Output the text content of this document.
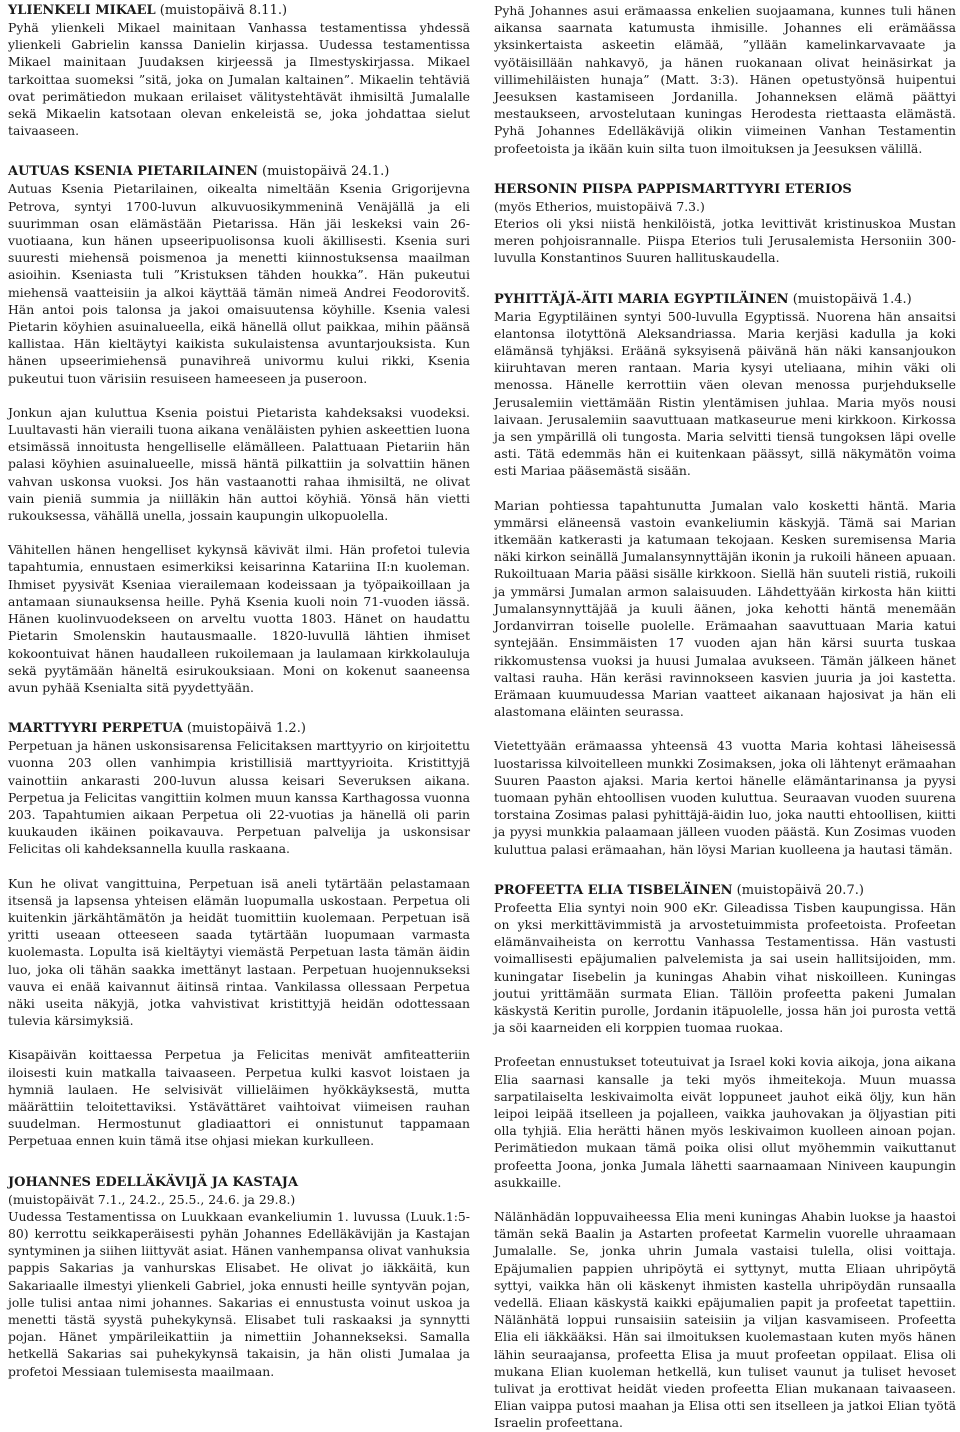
YLIENKELI MIKAEL (muistopäivä 8.11.)

Pyhä ylienkeli Mikael mainitaan Vanhassa testamentissa yhdessä ylienkeli Gabrielin kanssa Danielin kirjassa. Uudessa testamentissa Mikael mainitaan Juudaksen kirjeessä ja Ilmestyskirjassa. Mikael tarkoittaa suomeksi ”sitä, joka on Jumalan kaltainen”. Mikaelin tehtäviä ovat perimätiedon mukaan erilaiset välitystehtävät ihmisiltä Jumalalle sekä Mikaelin katsotaan olevan enkeleistä se, joka johdattaa sielut taivaaseen.

AUTUAS KSENIA PIETARILAINEN (muistopäivä 24.1.)

Autuas Ksenia Pietarilainen, oikealta nimeltään Ksenia Grigorijevna Petrova, syntyi 1700-luvun alkuvuosikymmeninä Venäjällä ja eli suurimman osan elämästään Pietarissa. Hän jäi leskeksi vain 26-vuotiaana, kun hänen upseeripuolisonsa kuoli äkillisesti. Ksenia suri suuresti miehensä poismenoa ja menetti kiinnostuksensa maailman asioihin. Kseniasta tuli ”Kristuksen tähden houkka”. Hän pukeutui miehensä vaatteisiin ja alkoi käyttää tämän nimeä Andrei Feodorovitš. Hän antoi pois talonsa ja jakoi omaisuutensa köyhille. Ksenia valesi Pietarin köyhien asuinalueella, eikä hänellä ollut paikkaa, mihin päänsä kallistaa. Hän kieltäytyi kaikista sukulaistensa avuntarjouksista. Kun hänen upseerimiehensä punavihreä univormu kului rikki, Ksenia pukeutui tuon värisiin resuiseen hameeseen ja puseroon.

Jonkun ajan kuluttua Ksenia poistui Pietarista kahdeksaksi vuodeksi. Luultavasti hän vieraili tuona aikana venäläisten pyhien askeettien luona etsimässä innoitusta hengelliselle elämälleen. Palattuaan Pietariin hän palasi köyhien asuinalueelle, missä häntä pilkattiin ja solvattiin hänen vahvan uskonsa vuoksi. Jos hän vastaanotti rahaa ihmisiltä, ne olivat vain pieniä summia ja niilläkin hän auttoi köyhiä. Yönsä hän vietti rukouksessa, vähällä unella, jossain kaupungin ulkopuolella.

Vähitellen hänen hengelliset kykynsä kävivät ilmi. Hän profetoi tulevia tapahtumia, ennustaen esimerkiksi keisarinna Katariina II:n kuoleman. Ihmiset pyysivät Kseniaa vierailemaan kodeissaan ja työpaikoillaan ja antamaan siunauksensa heille. Pyhä Ksenia kuoli noin 71-vuoden iässä. Hänen kuolinvuodekseen on arveltu vuotta 1803. Hänet on haudattu Pietarin Smolenskin hautausmaalle. 1820-luvullä lähtien ihmiset kokoontuivat hänen haudalleen rukoilemaan ja laulamaan kirkkolauluja sekä pyytämään häneltä esirukouksiaan. Moni on kokenut saaneensa avun pyhää Ksenialta sitä pyydettyään.

MARTTYYRI PERPETUA (muistopäivä 1.2.)

Perpetuan ja hänen uskonsisarensa Felicitaksen marttyyrio on kirjoitettu vuonna 203 ollen vanhimpia kristillisiä marttyyrioita. Kristittyjä vainottiin ankarasti 200-luvun alussa keisari Severuksen aikana. Perpetua ja Felicitas vangittiin kolmen muun kanssa Karthagossa vuonna 203. Tapahtumien aikaan Perpetua oli 22-vuotias ja hänellä oli parin kuukauden ikäinen poikavauva. Perpetuan palvelija ja uskonsisar Felicitas oli kahdeksannella kuulla raskaana.

Kun he olivat vangittuina, Perpetuan isä aneli tytärtään pelastamaan itsensä ja lapsensa yhteisen elämän luopumalla uskostaan. Perpetua oli kuitenkin järkähtämätön ja heidät tuomittiin kuolemaan. Perpetuan isä yritti useaan otteeseen saada tytärtään luopumaan varmasta kuolemasta. Lopulta isä kieltäytyi viemästä Perpetuan lasta tämän äidin luo, joka oli tähän saakka imettänyt lastaan. Perpetuan huojennukseksi vauva ei enää kaivannut äitinsä rintaa. Vankilassa ollessaan Perpetua näki useita näkyjä, jotka vahvistivat kristittyjä heidän odottessaan tulevia kärsimyksiä.

Kisapäivän koittaessa Perpetua ja Felicitas menivät amfiteatteriin iloisesti kuin matkalla taivaaseen. Perpetua kulki kasvot loistaen ja hymniä laulaen. He selvisivät villieläimen hyökkäyksestä, mutta määrättiin teloitettaviksi. Ystävättäret vaihtoivat viimeisen rauhan suudelman. Hermostunut gladiaattori ei onnistunut tappamaan Perpetuaa ennen kuin tämä itse ohjasi miekan kurkulleen.

JOHANNES EDELLÄKÄVIJÄ JA KASTAJA

(muistopäivät 7.1., 24.2., 25.5., 24.6. ja 29.8.)

Uudessa Testamentissa on Luukkaan evankeliumin 1. luvussa (Luuk.1:5-80) kerrottu seikkaperäisesti pyhän Johannes Edelläkävijän ja Kastajan syntyminen ja siihen liittyvät asiat. Hänen vanhempansa olivat vanhuksia pappis Sakarias ja vanhurskas Elisabet. He olivat jo iäkkäitä, kun Sakariaalle ilmestyi ylienkeli Gabriel, joka ennusti heille syntyvän pojan, jolle tulisi antaa nimi johannes. Sakarias ei ennustusta voinut uskoa ja menetti tästä syystä puhekykynsä. Elisabet tuli raskaaksi ja synnytti pojan. Hänet ympärileikattiin ja nimettiin Johannekseksi. Samalla hetkellä Sakarias sai puhekykynsä takaisin, ja hän olisti Jumalaa ja profetoi Messiaan tulemisesta maailmaan.

Pyhä Johannes asui erämaassa enkelien suojaamana, kunnes tuli hänen aikansa saarnata katumusta ihmisille. Johannes eli erämäässa yksinkertaista askeetin elämää, ”yllään kamelinkarvavaate ja vyötäisillään nahkavyö, ja hänen ruokanaan olivat heinäsirkat ja villimehiläisten hunaja” (Matt. 3:3). Hänen opetustyönsä huipentui Jeesuksen kastamiseen Jordanilla. Johanneksen elämä päättyi mestaukseen, arvostelutaan kuningas Herodesta riettaasta elämästä. Pyhä Johannes Edelläkävijä olikin viimeinen Vanhan Testamentin profeetoista ja ikään kuin silta tuon ilmoituksen ja Jeesuksen välillä.

HERSONIN PIISPA PAPPISMARTTYYRI ETERIOS

(myös Etherios, muistopäivä 7.3.)

Eterios oli yksi niistä henkilöistä, jotka levittivät kristinuskoa Mustan meren pohjoisrannalle. Piispa Eterios tuli Jerusalemista Hersoniin 300-luvulla Konstantinos Suuren hallituskaudella.

PYHITTÄJÄ-ÄITI MARIA EGYPTILÄINEN (muistopäivä 1.4.)

Maria Egyptiläinen syntyi 500-luvulla Egyptissä. Nuorena hän ansaitsi elantonsa ilotyttönä Aleksandriassa. Maria kerjäsi kadulla ja koki elämänsä tyhjäksi. Eräänä syksyisenä päivänä hän näki kansanjoukon kiiruhtavan meren rantaan. Maria kysyi uteliaana, mihin väki oli menossa. Hänelle kerrottiin väen olevan menossa purjehdukselle Jerusalemiin viettämään Ristin ylentämisen juhlaa. Maria myös nousi laivaan. Jerusalemiin saavuttuaan matkaseurue meni kirkkoon. Kirkossa ja sen ympärillä oli tungosta. Maria selvitti tiensä tungoksen läpi ovelle asti. Tätä edemmäs hän ei kuitenkaan päässyt, sillä näkymätön voima esti Mariaa pääsemästä sisään.

Marian pohtiessa tapahtunutta Jumalan valo kosketti häntä. Maria ymmärsi eläneensä vastoin evankeliumin käskyjä. Tämä sai Marian itkemään katkerasti ja katumaan tekojaan. Kesken suremisensa Maria näki kirkon seinällä Jumalansynnyttäjän ikonin ja rukoili häneen apuaan. Rukoiltuaan Maria pääsi sisälle kirkkoon. Siellä hän suuteli ristiä, rukoili ja ymmärsi Jumalan armon salaisuuden. Lähdettyään kirkosta hän kiitti Jumalansynnyttäjää ja kuuli äänen, joka kehotti häntä menemään Jordanvirran toiselle puolelle. Erämaahan saavuttuaan Maria katui syntejään. Ensimmäisten 17 vuoden ajan hän kärsi suurta tuskaa rikkomustensa vuoksi ja huusi Jumalaa avukseen. Tämän jälkeen hänet valtasi rauha. Hän keräsi ravinnokseen kasvien juuria ja joi kastetta. Erämaan kuumuudessa Marian vaatteet aikanaan hajosivat ja hän eli alastomana eläinten seurassa.

Vietettyään erämaassa yhteensä 43 vuotta Maria kohtasi läheisessä luostarissa kilvoitelleen munkki Zosimaksen, joka oli lähtenyt erämaahan Suuren Paaston ajaksi. Maria kertoi hänelle elämäntarinansa ja pyysi tuomaan pyhän ehtoollisen vuoden kuluttua. Seuraavan vuoden suurena torstaina Zosimas palasi pyhittäjä-äidin luo, joka nautti ehtoollisen, kiitti ja pyysi munkkia palaamaan jälleen vuoden päästä. Kun Zosimas vuoden kuluttua palasi erämaahan, hän löysi Marian kuolleena ja hautasi tämän.

PROFEETTA ELIA TISBELÄINEN (muistopäivä 20.7.)

Profeetta Elia syntyi noin 900 eKr. Gileadissa Tisben kaupungissa. Hän on yksi merkittävimmistä ja arvostetuimmista profeetoista. Profeetan elämänvaiheista on kerrottu Vanhassa Testamentissa. Hän vastusti voimallisesti epäjumalien palvelemista ja sai usein hallitsijoiden, mm. kuningatar Iisebelin ja kuningas Ahabin vihat niskoilleen. Kuningas joutui yrittämään surmata Elian. Tällöin profeetta pakeni Jumalan käskystä Keritin purolle, Jordanin itäpuolelle, jossa hän joi purosta vettä ja söi kaarneiden eli korppien tuomaa ruokaa.

Profeetan ennustukset toteutuivat ja Israel koki kovia aikoja, jona aikana Elia saarnasi kansalle ja teki myös ihmeitekoja. Muun muassa sarpatilaiselta leskivaimolta eivät loppuneet jauhot eikä öljy, kun hän leipoi leipää itselleen ja pojalleen, vaikka jauhovakan ja öljyastian piti olla tyhjiä. Elia herätti hänen myös leskivaimon kuolleen ainoan pojan. Perimätiedon mukaan tämä poika olisi ollut myöhemmin vaikuttanut profeetta Joona, jonka Jumala lähetti saarnaamaan Niniveen kaupungin asukkaille.

Nälänhädän loppuvaiheessa Elia meni kuningas Ahabin luokse ja haastoi tämän sekä Baalin ja Astarten profeetat Karmelin vuorelle uhraamaan Jumalalle. Se, jonka uhrin Jumala vastaisi tulella, olisi voittaja. Epäjumalien pappien uhripöytä ei syttynyt, mutta Eliaan uhripöytä syttyi, vaikka hän oli käskenyt ihmisten kastella uhripöydän runsaalla vedellä. Eliaan käskystä kaikki epäjumalien papit ja profeetat tapettiin. Nälänhätä loppui runsaisiin sateisiin ja viljan kasvamiseen. Profeetta Elia eli iäkkääksi. Hän sai ilmoituksen kuolemastaan kuten myös hänen lähin seuraajansa, profeetta Elisa ja muut profeetan oppilaat. Elisa oli mukana Elian kuoleman hetkellä, kun tuliset vaunut ja tuliset hevoset tulivat ja erottivat heidät vieden profeetta Elian mukanaan taivaaseen. Elian vaippa putosi maahan ja Elisa otti sen itselleen ja jatkoi Elian työtä Israelin profeettana.
